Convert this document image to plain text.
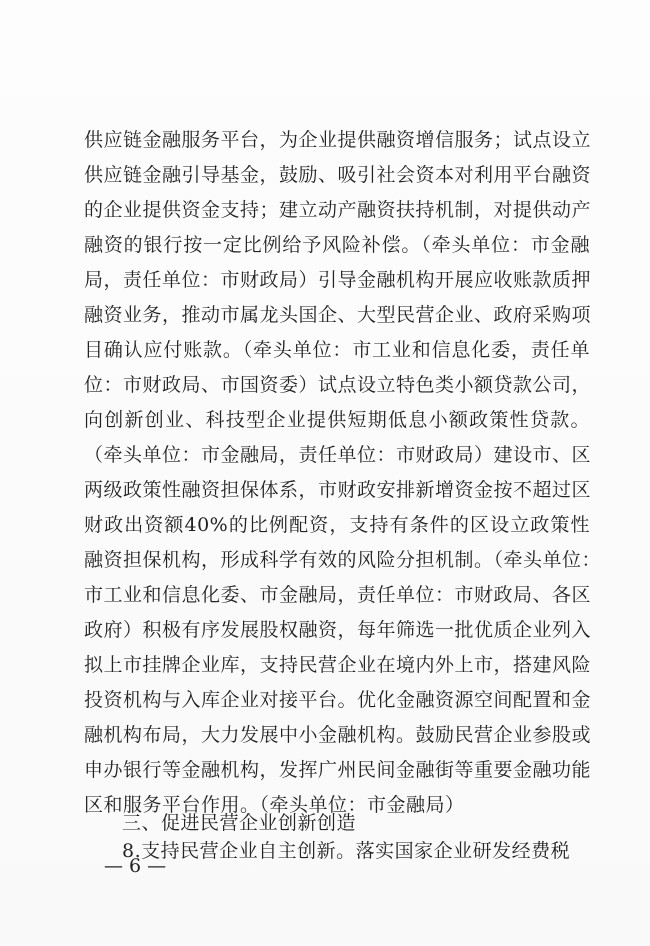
供应链金融服务平台，为企业提供融资增信服务；试点设立
供应链金融引导基金，鼓励、吸引社会资本对利用平台融资
的企业提供资金支持；建立动产融资扶持机制，对提供动产
融资的银行按一定比例给予风险补偿。（牵头单位：市金融
局，责任单位：市财政局）引导金融机构开展应收账款质押
融资业务，推动市属龙头国企、大型民营企业、政府采购项
目确认应付账款。（牵头单位：市工业和信息化委，责任单
位：市财政局、市国资委）试点设立特色类小额贷款公司，
向创新创业、科技型企业提供短期低息小额政策性贷款。
（牵头单位：市金融局，责任单位：市财政局）建设市、区
两级政策性融资担保体系，市财政安排新增资金按不超过区
财政出资额40%的比例配资，支持有条件的区设立政策性
融资担保机构，形成科学有效的风险分担机制。（牵头单位：
市工业和信息化委、市金融局，责任单位：市财政局、各区
政府）积极有序发展股权融资，每年筛选一批优质企业列入
拟上市挂牌企业库，支持民营企业在境内外上市，搭建风险
投资机构与入库企业对接平台。优化金融资源空间配置和金
融机构布局，大力发展中小金融机构。鼓励民营企业参股或
申办银行等金融机构，发挥广州民间金融街等重要金融功能
区和服务平台作用。（牵头单位：市金融局）
三、促进民营企业创新创造
8.支持民营企业自主创新。落实国家企业研发经费税
— 6 —
